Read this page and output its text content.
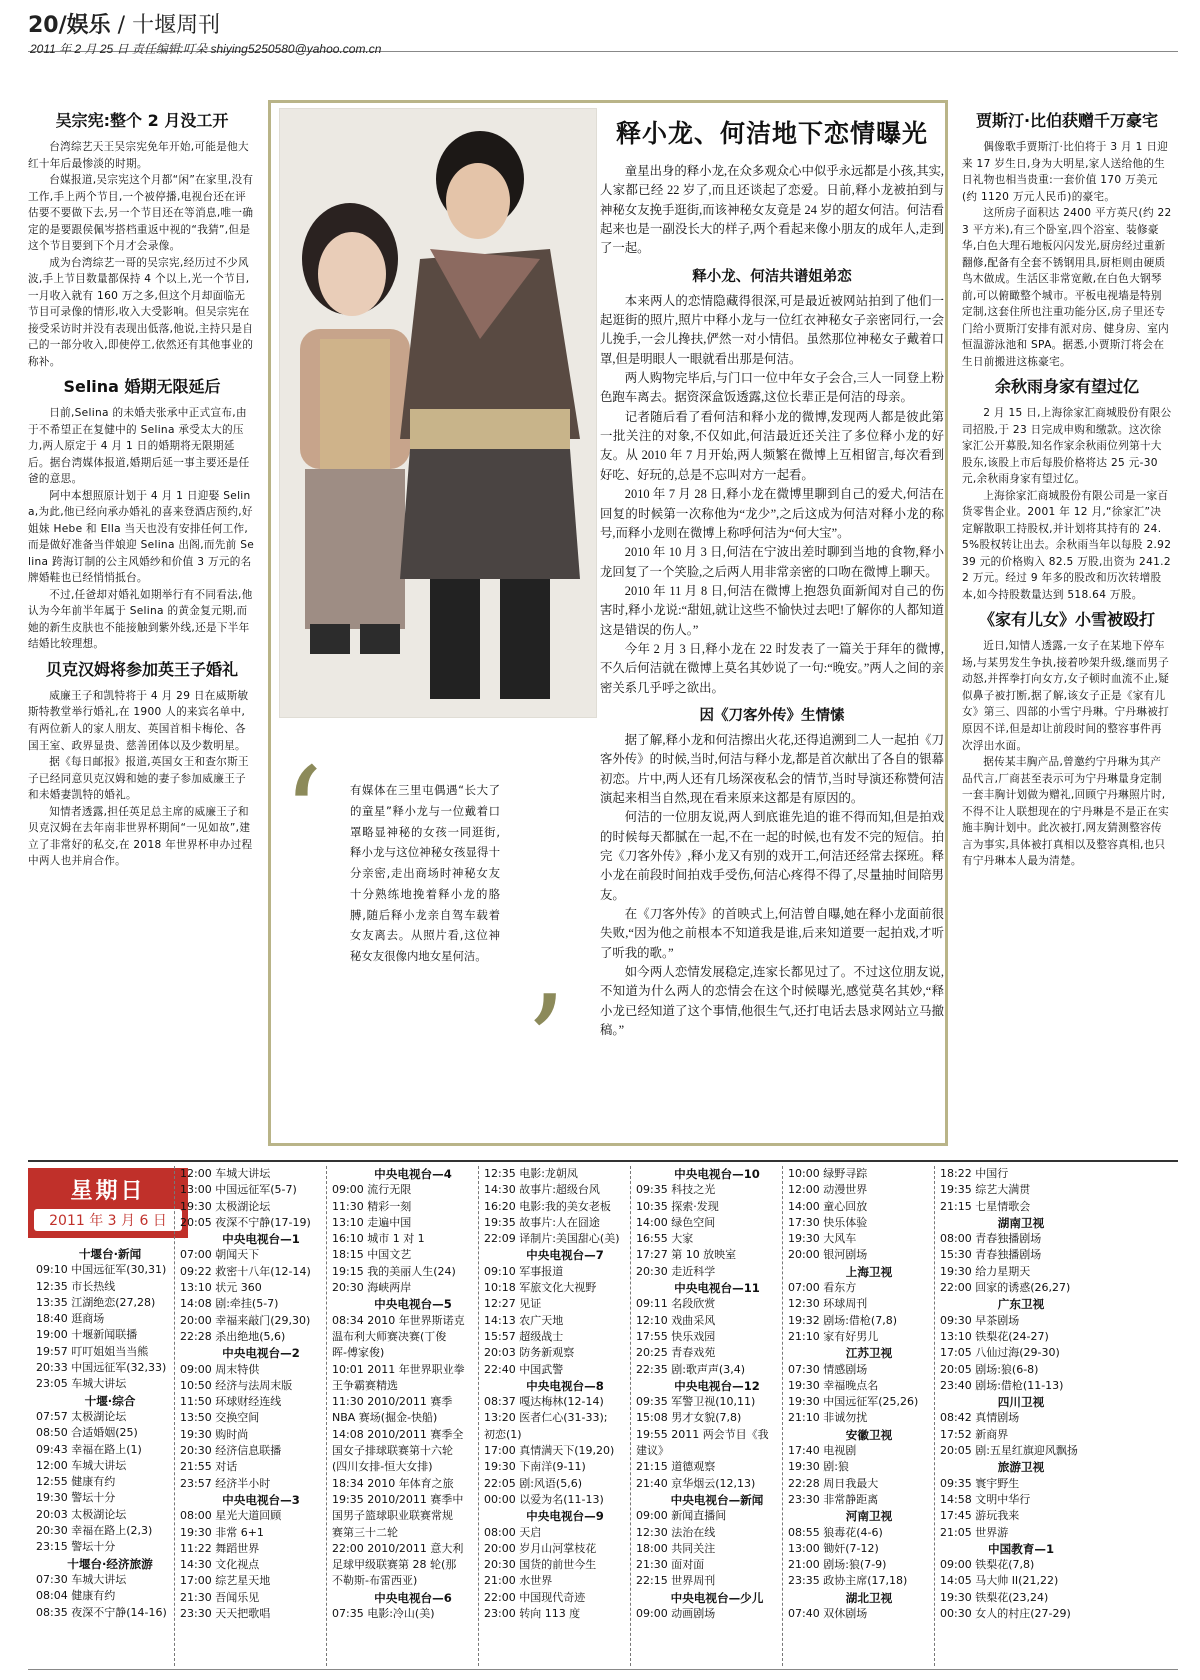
20/娱乐 / 十堰周刊
2011 年 2 月 25 日 责任编辑:叮朵 shiying5250580@yahoo.com.cn
吴宗宪:整个 2 月没工开
台湾综艺天王吴宗宪免年开始,可能是他大红十年后最惨淡的时期。
台媒报道,吴宗宪这个月都“闲”在家里,没有工作,手上两个节目,一个被停播,电视台还在评估要不要做下去,另一个节目还在等消息,唯一确定的是要跟侯佩岑搭档重返中视的“我猜”,但是这个节目要到下个月才会录像。
成为台湾综艺一哥的吴宗宪,经历过不少风波,手上节目数量都保持 4 个以上,光一个节目,一月收入就有 160 万之多,但这个月却面临无节目可录像的情形,收入大受影响。但吴宗宪在接受采访时并没有表现出低落,他说,主持只是自己的一部分收入,即使停工,依然还有其他事业的称补。
Selina 婚期无限延后
日前,Selina 的未婚夫张承中正式宣布,由于不希望正在复健中的 Selina 承受太大的压力,两人原定于 4 月 1 日的婚期将无限期延后。据台湾媒体报道,婚期后延一事主要还是任爸的意思。
阿中本想照原计划于 4 月 1 日迎娶 Selina,为此,他已经向承办婚礼的喜来登酒店预约,好姐妹 Hebe 和 Ella 当天也没有安排任何工作,而是做好准备当伴娘迎 Selina 出阁,而先前 Selina 跨海订制的公主风婚纱和价值 3 万元的名牌婚鞋也已经悄悄抵台。
不过,任爸却对婚礼如期举行有不同看法,他认为今年前半年属于 Selina 的黄金复元期,而她的新生皮肤也不能接触到紫外线,还是下半年结婚比较理想。
贝克汉姆将参加英王子婚礼
威廉王子和凯特将于 4 月 29 日在威斯敏斯特教堂举行婚礼,在 1900 人的来宾名单中,有两位新人的家人朋友、英国首相卡梅伦、各国王室、政界显贵、慈善团体以及少数明星。
据《每日邮报》报道,英国女王和查尔斯王子已经同意贝克汉姆和她的妻子参加威廉王子和未婚妻凯特的婚礼。
知情者透露,担任英足总主席的威廉王子和贝克汉姆在去年南非世界杯期间“一见如故”,建立了非常好的私交,在 2018 年世界杯申办过程中两人也并肩合作。	‘
’
有媒体在三里屯偶遇“长大了的童星”释小龙与一位戴着口罩略显神秘的女孩一同逛街,释小龙与这位神秘女孩显得十分亲密,走出商场时神秘女友十分熟练地挽着释小龙的胳膊,随后释小龙亲自驾车载着女友离去。从照片看,这位神秘女友很像内地女星何洁。
释小龙、何洁地下恋情曝光
童星出身的释小龙,在众多观众心中似乎永远都是小孩,其实,人家都已经 22 岁了,而且还谈起了恋爱。日前,释小龙被拍到与神秘女友挽手逛街,而该神秘女友竟是 24 岁的超女何洁。何洁看起来也是一副没长大的样子,两个看起来像小朋友的成年人,走到了一起。
释小龙、何洁共谱姐弟恋
本来两人的恋情隐藏得很深,可是最近被网站拍到了他们一起逛街的照片,照片中释小龙与一位红衣神秘女子亲密同行,一会儿挽手,一会儿搀扶,俨然一对小情侣。虽然那位神秘女子戴着口罩,但是明眼人一眼就看出那是何洁。
两人购物完毕后,与门口一位中年女子会合,三人一同登上粉色跑车离去。据资深盒饭透露,这位长辈正是何洁的母亲。
记者随后看了看何洁和释小龙的微博,发现两人都是彼此第一批关注的对象,不仅如此,何洁最近还关注了多位释小龙的好友。从 2010 年 7 月开始,两人频繁在微博上互相留言,每次看到好吃、好玩的,总是不忘叫对方一起看。
2010 年 7 月 28 日,释小龙在微博里聊到自己的爱犬,何洁在回复的时候第一次称他为“龙少”,之后这成为何洁对释小龙的称号,而释小龙则在微博上称呼何洁为“何大宝”。
2010 年 10 月 3 日,何洁在宁波出差时聊到当地的食物,释小龙回复了一个笑脸,之后两人用非常亲密的口吻在微博上聊天。
2010 年 11 月 8 日,何洁在微博上抱怨负面新闻对自己的伤害时,释小龙说:“甜妞,就让这些不愉快过去吧!了解你的人都知道这是错误的伤人。”
今年 2 月 3 日,释小龙在 22 时发表了一篇关于拜年的微博,不久后何洁就在微博上莫名其妙说了一句:“晚安。”两人之间的亲密关系几乎呼之欲出。
因《刀客外传》生情愫
据了解,释小龙和何洁擦出火花,还得追溯到二人一起拍《刀客外传》的时候,当时,何洁与释小龙,都是首次献出了各自的银幕初恋。片中,两人还有几场深夜私会的情节,当时导演还称赞何洁演起来相当自然,现在看来原来这都是有原因的。
何洁的一位朋友说,两人到底谁先追的谁不得而知,但是拍戏的时候每天都腻在一起,不在一起的时候,也有发不完的短信。拍完《刀客外传》,释小龙又有别的戏开工,何洁还经常去探班。释小龙在前段时间拍戏手受伤,何洁心疼得不得了,尽量抽时间陪男友。
在《刀客外传》的首映式上,何洁曾自曝,她在释小龙面前很失败,“因为他之前根本不知道我是谁,后来知道要一起拍戏,才听了听我的歌。”
如今两人恋情发展稳定,连家长都见过了。不过这位朋友说,不知道为什么两人的恋情会在这个时候曝光,感觉莫名其妙,“释小龙已经知道了这个事情,他很生气,还打电话去恳求网站立马撤稿。”
贾斯汀·比伯获赠千万豪宅
偶像歌手贾斯汀·比伯将于 3 月 1 日迎来 17 岁生日,身为大明星,家人送给他的生日礼物也相当贵重:一套价值 170 万美元(约 1120 万元人民币)的豪宅。
这所房子面积达 2400 平方英尺(约 223 平方米),有三个卧室,四个浴室、装修豪华,白色大理石地板闪闪发光,厨房经过重新翻修,配备有全套不锈钢用具,厨柜则由硬质鸟木做成。生活区非常宽敞,在白色大钢琴前,可以俯瞰整个城市。平板电视墙是特别定制,这套住所也注重功能分区,房子里还专门给小贾斯汀安排有派对房、健身房、室内恒温游泳池和 SPA。据悉,小贾斯汀将会在生日前搬进这栋豪宅。
余秋雨身家有望过亿
2 月 15 日,上海徐家汇商城股份有限公司招股,于 23 日完成申购和缴款。这次徐家汇公开募股,知名作家余秋雨位列第十大股东,该股上市后每股价格将达 25 元-30 元,余秋雨身家有望过亿。
上海徐家汇商城股份有限公司是一家百货零售企业。2001 年 12 月,“徐家汇”决定解散职工持股权,并计划将其持有的 24.5%股权转让出去。余秋雨当年以每股 2.9239 元的价格购入 82.5 万股,出资为 241.22 万元。经过 9 年多的股改和历次转增股本,如今持股数量达到 518.64 万股。
《家有儿女》小雪被殴打
近日,知情人透露,一女子在某地下停车场,与某男发生争执,接着吵架升级,继而男子动怒,并挥拳打向女方,女子顿时血流不止,疑似鼻子被打断,据了解,该女子正是《家有儿女》第三、四部的小雪宁丹琳。宁丹琳被打原因不详,但是却让前段时间的整容事件再次浮出水面。
据传某丰胸产品,曾邀约宁丹琳为其产品代言,厂商甚至表示可为宁丹琳量身定制一套丰胸计划做为赠礼,回顾宁丹琳照片时,不得不让人联想现在的宁丹琳是不是正在实施丰胸计划中。此次被打,网友猜测整容传言为事实,具体被打真相以及整容真相,也只有宁丹琳本人最为清楚。
星期日
2011 年 3 月 6 日
十堰台·新闻
09:10 中国远征军(30,31)
12:35 市长热线
13:35 江湖绝恋(27,28)
18:40 逛商场
19:00 十堰新闻联播
19:57 叮叮姐姐当当熊
20:33 中国远征军(32,33)
23:05 车城大讲坛
十堰·综合
07:57 太极湖论坛
08:50 合适婚姻(25)
09:43 幸福在路上(1)
12:00 车城大讲坛
12:55 健康有约
19:30 警坛十分
20:03 太极湖论坛
20:30 幸福在路上(2,3)
23:15 警坛十分
十堰台·经济旅游
07:30 车城大讲坛
08:04 健康有约
08:35 夜深不宁静(14-16)
12:00 车城大讲坛
13:00 中国远征军(5-7)
19:30 太极湖论坛
20:05 夜深不宁静(17-19)
中央电视台—1
07:00 朝闻天下
09:22 救密十八年(12-14)
13:10 状元 360
14:08 剧:牵挂(5-7)
20:00 幸福来敲门(29,30)
22:28 杀出绝地(5,6)
中央电视台—2
09:00 周末特供
10:50 经济与法周末版
11:50 环球财经连线
13:50 交换空间
19:30 购时尚
20:30 经济信息联播
21:55 对话
23:57 经济半小时
中央电视台—3
08:00 星光大道回顾
19:30 非常 6+1
11:22 舞蹈世界
14:30 文化视点
17:00 综艺星天地
21:30 吾闻乐见
23:30 天天把歌唱
中央电视台—4
09:00 流行无限
11:30 精彩一刻
13:10 走遍中国
16:10 城市 1 对 1
18:15 中国文艺
19:15 我的美丽人生(24)
20:30 海峡两岸
中央电视台—5
08:34 2010 年世界斯诺克
温布利大师赛决赛(丁俊
晖-傅家俊)
10:01 2011 年世界职业拳
王争霸赛精选
11:30 2010/2011 赛季
NBA 赛场(掘金-快船)
14:08 2010/2011 赛季全
国女子排球联赛第十六轮
(四川女排-恒大女排)
18:34 2010 年体育之旅
19:35 2010/2011 赛季中
国男子篮球职业联赛常规
赛第三十二轮
22:00 2010/2011 意大利
足球甲级联赛第 28 轮(那
不勒斯-布雷西亚)
中央电视台—6
07:35 电影:冷山(美)
12:35 电影:龙朝凤
14:30 故事片:超级台风
16:20 电影:我的美女老板
19:35 故事片:人在囧途
22:09 译制片:美国甜心(美)
中央电视台—7
09:10 军事报道
10:18 军旅文化大视野
12:27 见证
14:13 农广天地
15:57 超级战士
20:03 防务新观察
22:40 中国武警
中央电视台—8
08:37 嘎达梅林(12-14)
13:20 医者仁心(31-33);
初恋(1)
17:00 真情满天下(19,20)
19:30 下南洋(9-11)
22:05 剧:风语(5,6)
00:00 以爱为名(11-13)
中央电视台—9
08:00 天启
20:00 岁月山河掌枝花
20:30 国货的前世今生
21:00 水世界
22:00 中国现代奇迹
23:00 转向 113 度
中央电视台—10
09:35 科技之光
10:35 探索·发现
14:00 绿色空间
16:55 大家
17:27 第 10 放映室
20:30 走近科学
中央电视台—11
09:11 名段欣赏
12:10 戏曲采风
17:55 快乐戏园
20:25 青春戏苑
22:35 剧:歌声声(3,4)
中央电视台—12
09:35 军警卫视(10,11)
15:08 男才女貌(7,8)
19:55 2011 两会节目《我
建议》
21:15 道德观察
21:40 京华烟云(12,13)
中央电视台—新闻
09:00 新闻直播间
12:30 法治在线
18:00 共同关注
21:30 面对面
22:15 世界周刊
中央电视台—少儿
09:00 动画剧场
10:00 绿野寻踪
12:00 动漫世界
14:00 童心回放
17:30 快乐体验
19:30 大风车
20:00 银河剧场
上海卫视
07:00 看东方
12:30 环球周刊
19:32 剧场:借枪(7,8)
21:10 家有好男儿
江苏卫视
07:30 情感剧场
19:30 幸福晚点名
19:30 中国远征军(25,26)
21:10 非诚勿扰
安徽卫视
17:40 电视剧
19:30 剧:狼
22:28 周日我最大
23:30 非常静距离
河南卫视
08:55 狼毒花(4-6)
13:00 锄奸(7-12)
21:00 剧场:狼(7-9)
23:35 政协主席(17,18)
湖北卫视
07:40 双休剧场
18:22 中国行
19:35 综艺大满贯
21:15 七星情歌会
湖南卫视
08:00 青春独播剧场
15:30 青春独播剧场
19:30 给力星期天
22:00 回家的诱惑(26,27)
广东卫视
09:30 早茶剧场
13:10 铁梨花(24-27)
17:05 八仙过海(29-30)
20:05 剧场:狼(6-8)
23:40 剧场:借枪(11-13)
四川卫视
08:42 真情剧场
17:52 新商界
20:05 剧:五星红旗迎风飘扬
旅游卫视
09:35 寰宇野生
14:58 文明中华行
17:45 游玩我来
21:05 世界游
中国教育—1
09:00 铁梨花(7,8)
14:05 马大帅 II(21,22)
19:30 铁梨花(23,24)
00:30 女人的村庄(27-29)
